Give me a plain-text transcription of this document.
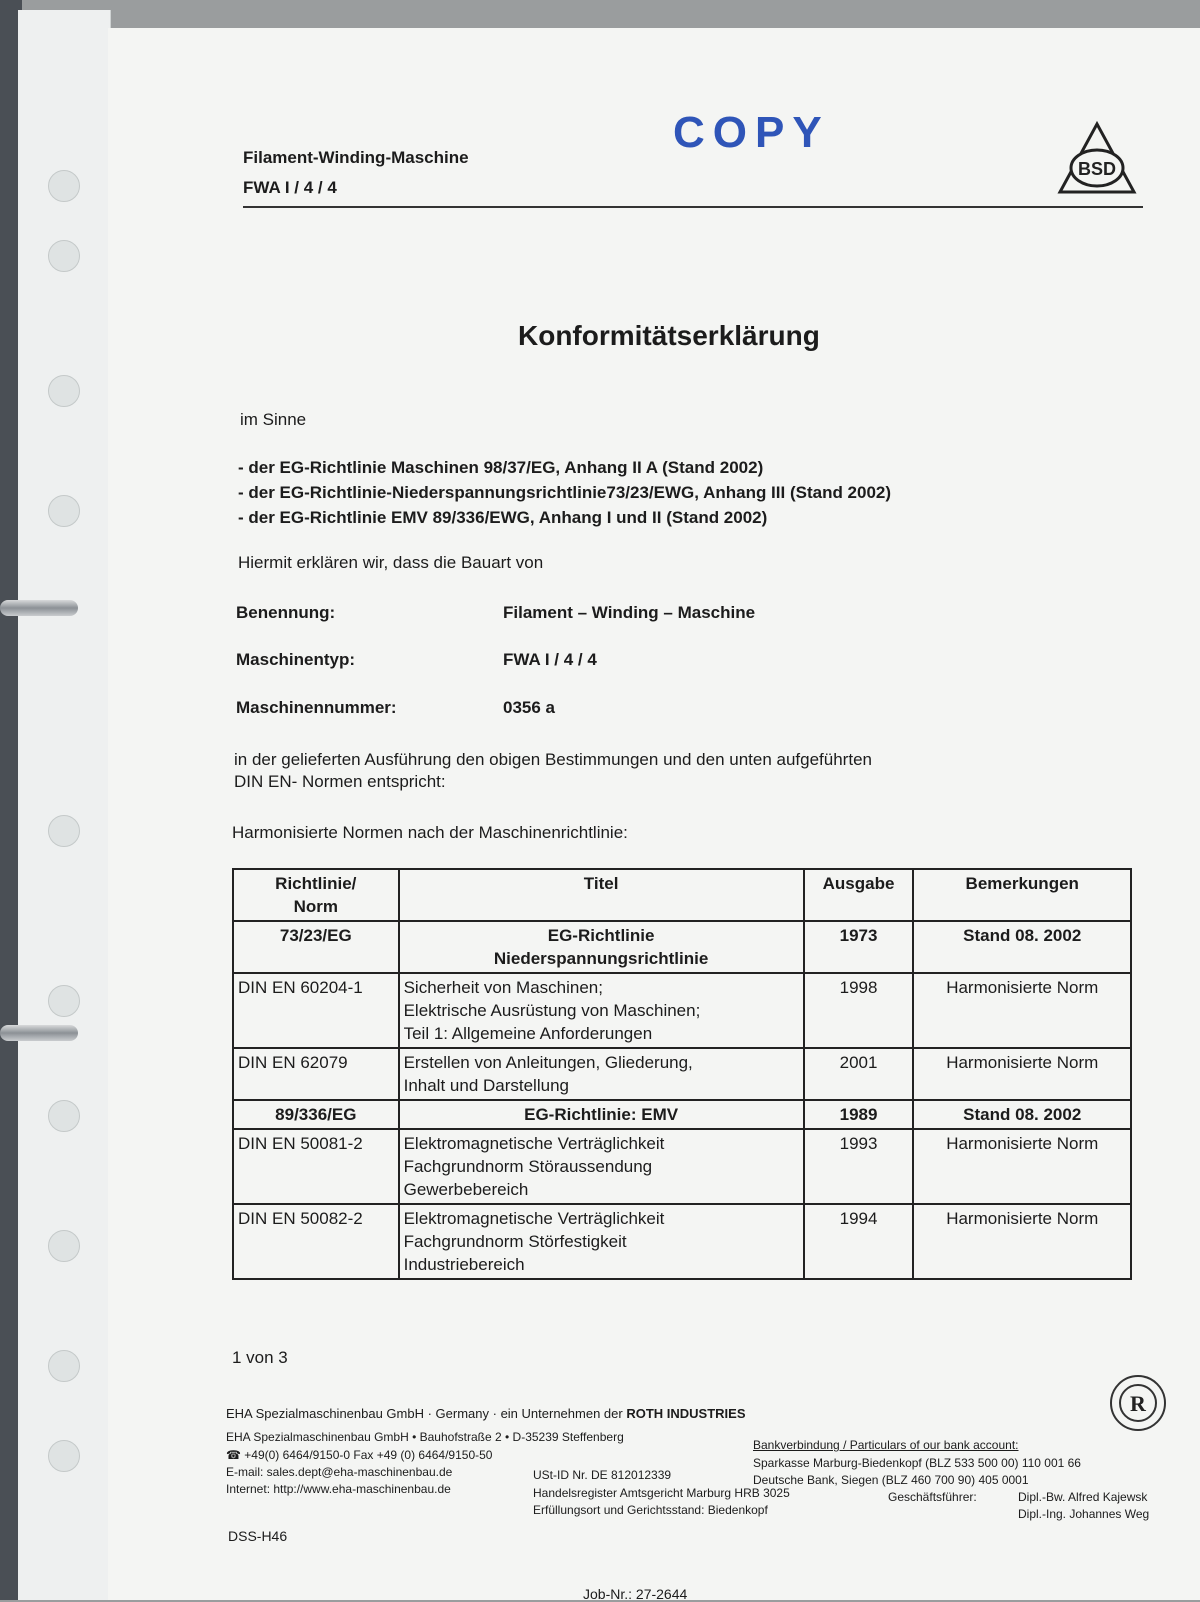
COPY
Filament-Winding-Maschine
FWA I / 4 / 4
BSD
Konformitätserklärung
im Sinne
- der EG-Richtlinie Maschinen 98/37/EG, Anhang II A (Stand 2002)
- der EG-Richtlinie-Niederspannungsrichtlinie73/23/EWG, Anhang III (Stand 2002)
- der EG-Richtlinie EMV 89/336/EWG, Anhang I und II (Stand 2002)
Hiermit erklären wir, dass die Bauart von
Benennung:	Filament – Winding – Maschine
Maschinentyp:	FWA I / 4 / 4
Maschinennummer:	0356 a
in der gelieferten Ausführung den obigen Bestimmungen und den unten aufgeführten
DIN EN- Normen entspricht:
Harmonisierte Normen nach der Maschinenrichtlinie:
Richtlinie/
Norm	Titel	Ausgabe	Bemerkungen
73/23/EG	EG-Richtlinie
Niederspannungsrichtlinie	1973	Stand 08. 2002
DIN EN 60204-1	Sicherheit von Maschinen;
Elektrische Ausrüstung von Maschinen;
Teil 1: Allgemeine Anforderungen	1998	Harmonisierte Norm
DIN EN 62079	Erstellen von Anleitungen, Gliederung,
Inhalt und Darstellung	2001	Harmonisierte Norm
89/336/EG	EG-Richtlinie: EMV	1989	Stand 08. 2002
DIN EN 50081-2	Elektromagnetische Verträglichkeit
Fachgrundnorm Störaussendung
Gewerbebereich	1993	Harmonisierte Norm
DIN EN 50082-2	Elektromagnetische Verträglichkeit
Fachgrundnorm Störfestigkeit
Industriebereich	1994	Harmonisierte Norm
1 von 3
EHA Spezialmaschinenbau GmbH · Germany · ein Unternehmen der ROTH INDUSTRIES
EHA Spezialmaschinenbau GmbH • Bauhofstraße 2 • D-35239 Steffenberg
☎ +49(0) 6464/9150-0 Fax +49 (0) 6464/9150-50
E-mail: sales.dept@eha-maschinenbau.de
Internet: http://www.eha-maschinenbau.de
USt-ID Nr. DE 812012339
Handelsregister Amtsgericht Marburg HRB 3025
Erfüllungsort und Gerichtsstand: Biedenkopf
Bankverbindung / Particulars of our bank account:
Sparkasse Marburg-Biedenkopf (BLZ 533 500 00) 110 001 66
Deutsche Bank, Siegen (BLZ 460 700 90) 405 0001
Geschäftsführer:	Dipl.-Bw. Alfred Kajewsk
Dipl.-Ing. Johannes Weg
DSS-H46
Job-Nr.: 27-2644
R
